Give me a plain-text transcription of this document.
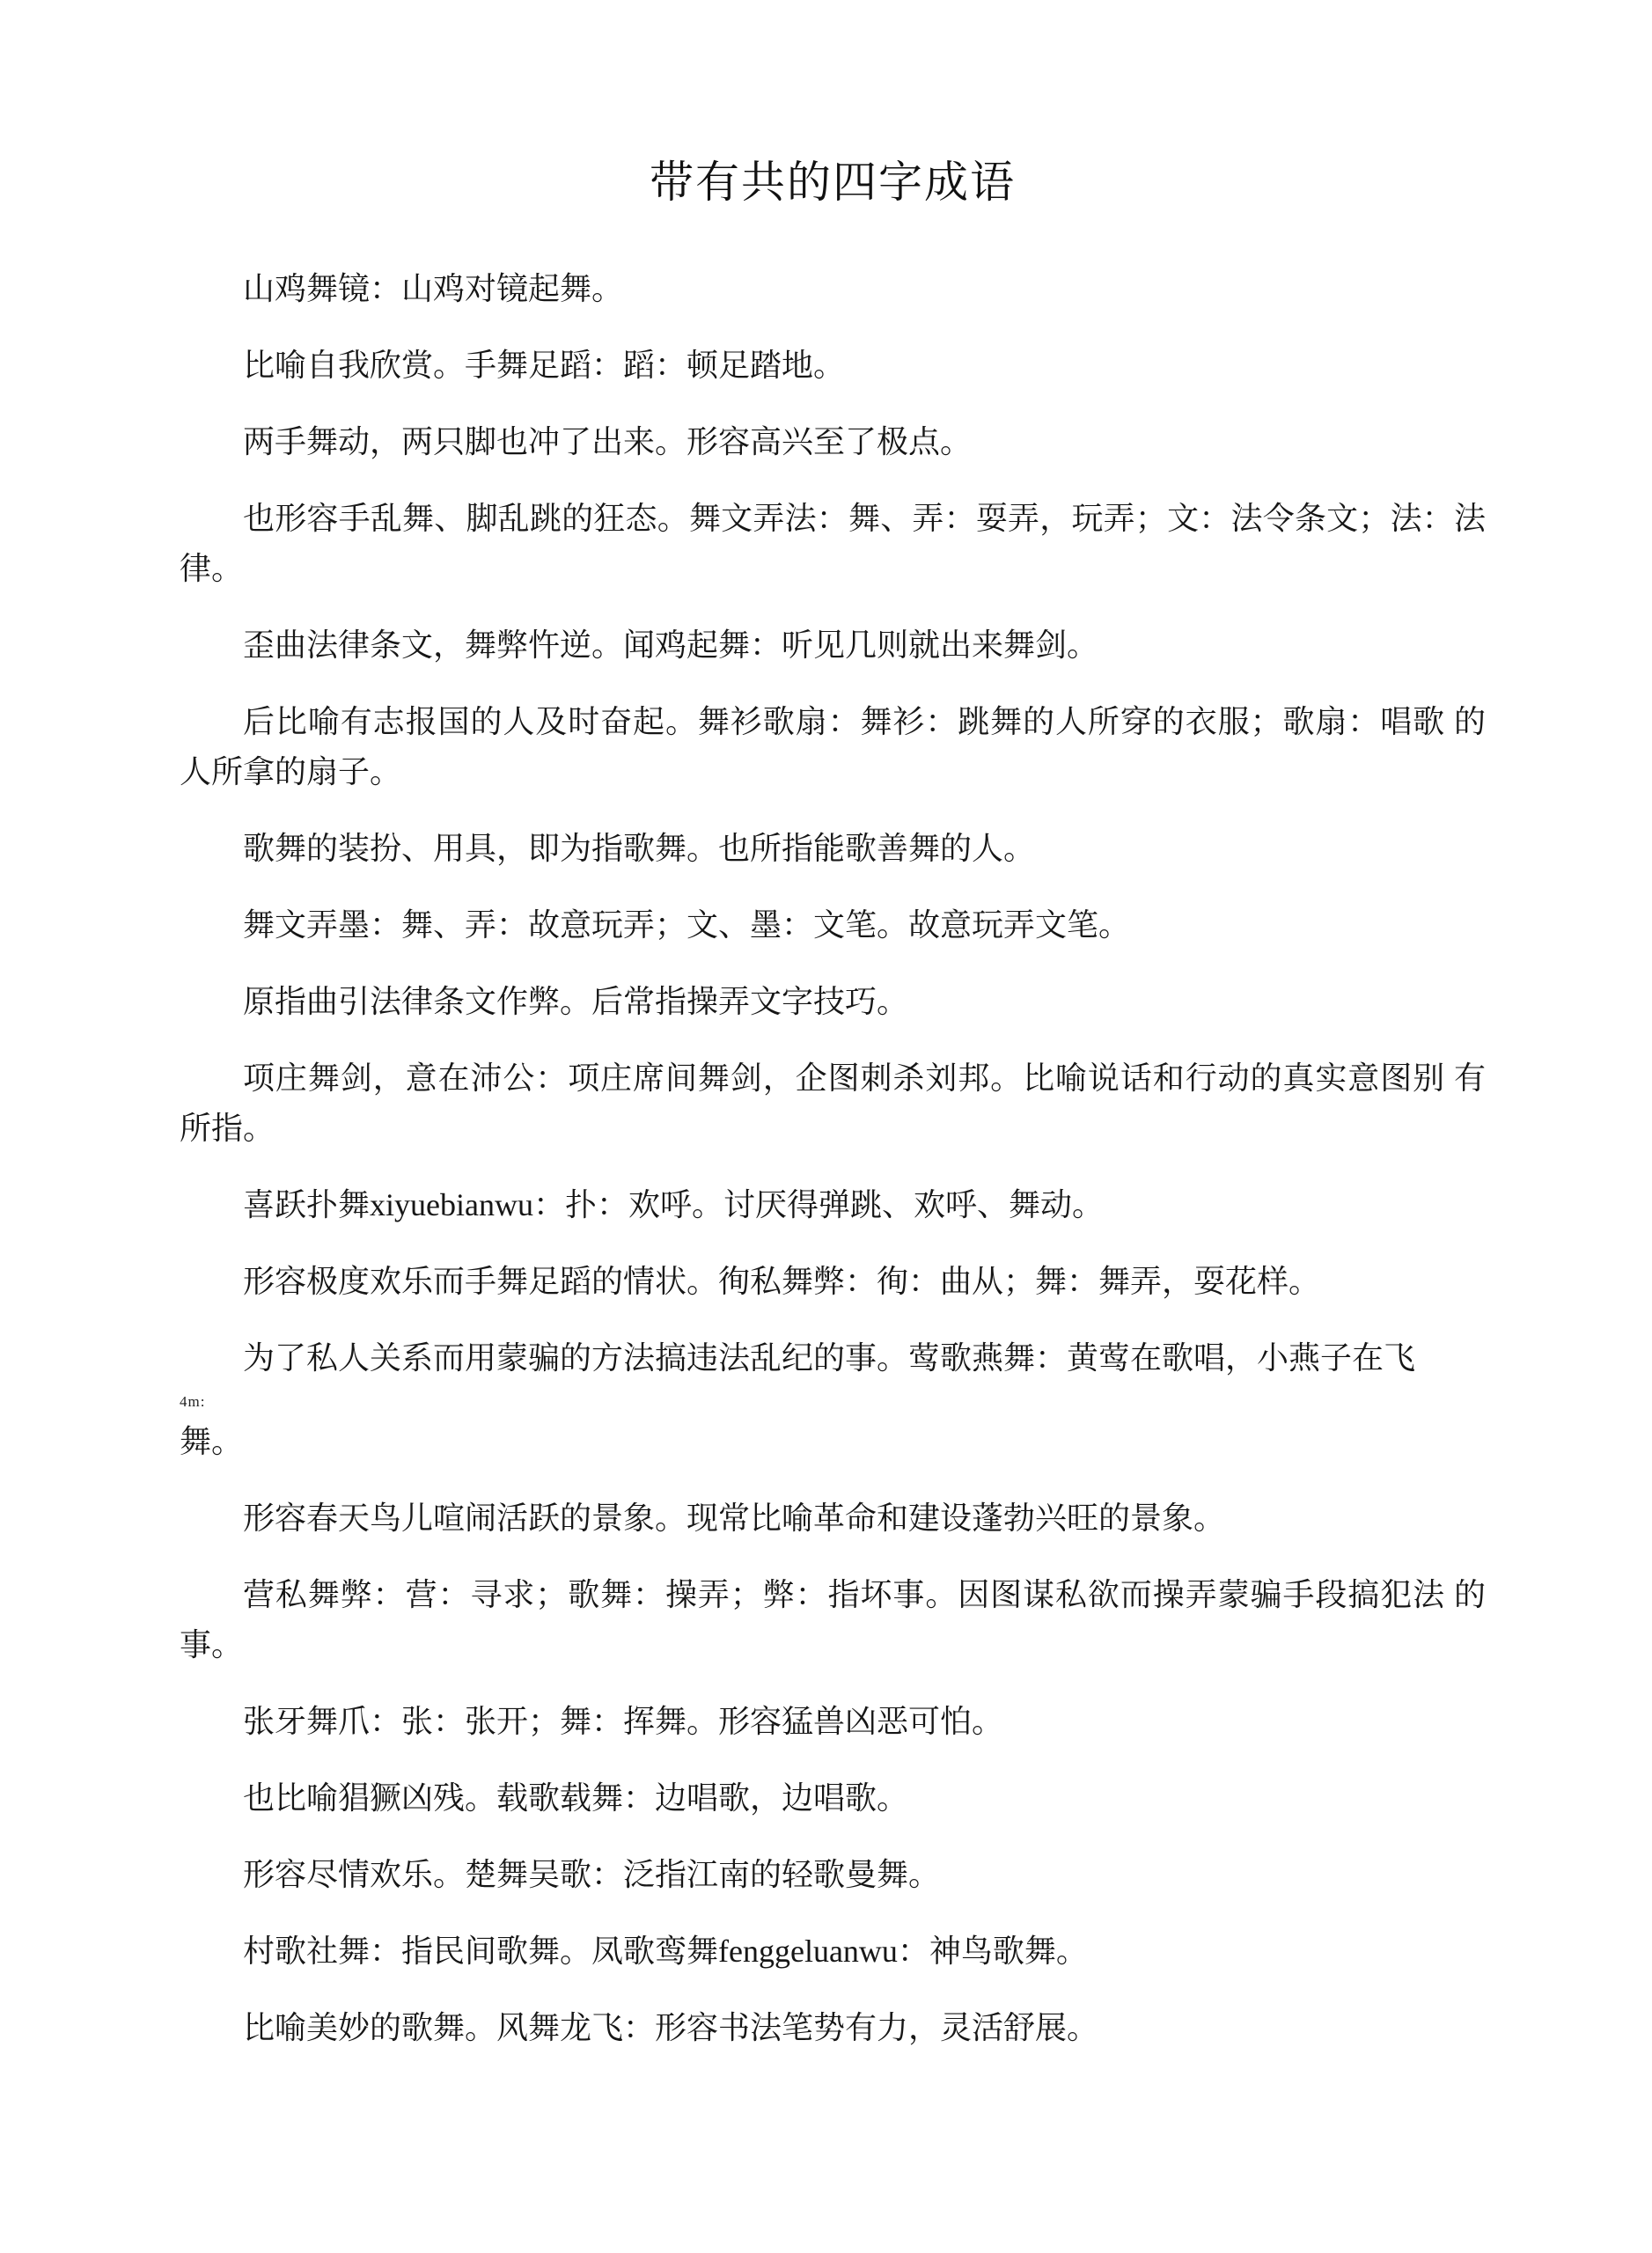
带有共的四字成语

山鸡舞镜：山鸡对镜起舞。

比喻自我欣赏。手舞足蹈：蹈：顿足踏地。

两手舞动，两只脚也冲了出来。形容高兴至了极点。

也形容手乱舞、脚乱跳的狂态。舞文弄法：舞、弄：耍弄，玩弄；文：法令条文；法：法律。

歪曲法律条文，舞弊忤逆。闻鸡起舞：听见几则就出来舞剑。

后比喻有志报国的人及时奋起。舞衫歌扇：舞衫：跳舞的人所穿的衣服；歌扇：唱歌 的人所拿的扇子。

歌舞的装扮、用具，即为指歌舞。也所指能歌善舞的人。

舞文弄墨：舞、弄：故意玩弄；文、墨：文笔。故意玩弄文笔。

原指曲引法律条文作弊。后常指操弄文字技巧。

项庄舞剑，意在沛公：项庄席间舞剑，企图刺杀刘邦。比喻说话和行动的真实意图别 有所指。

喜跃扑舞xiyuebianwu：扑：欢呼。讨厌得弹跳、欢呼、舞动。

形容极度欢乐而手舞足蹈的情状。徇私舞弊：徇：曲从；舞：舞弄，耍花样。

为了私人关系而用蒙骗的方法搞违法乱纪的事。莺歌燕舞：黄莺在歌唱，小燕子在飞

4m:

舞。

形容春天鸟儿喧闹活跃的景象。现常比喻革命和建设蓬勃兴旺的景象。

营私舞弊：营：寻求；歌舞：操弄；弊：指坏事。因图谋私欲而操弄蒙骗手段搞犯法 的事。

张牙舞爪：张：张开；舞：挥舞。形容猛兽凶恶可怕。

也比喻猖獗凶残。载歌载舞：边唱歌，边唱歌。

形容尽情欢乐。楚舞吴歌：泛指江南的轻歌曼舞。

村歌社舞：指民间歌舞。凤歌鸾舞fenggeluanwu：神鸟歌舞。

比喻美妙的歌舞。风舞龙飞：形容书法笔势有力，灵活舒展。
